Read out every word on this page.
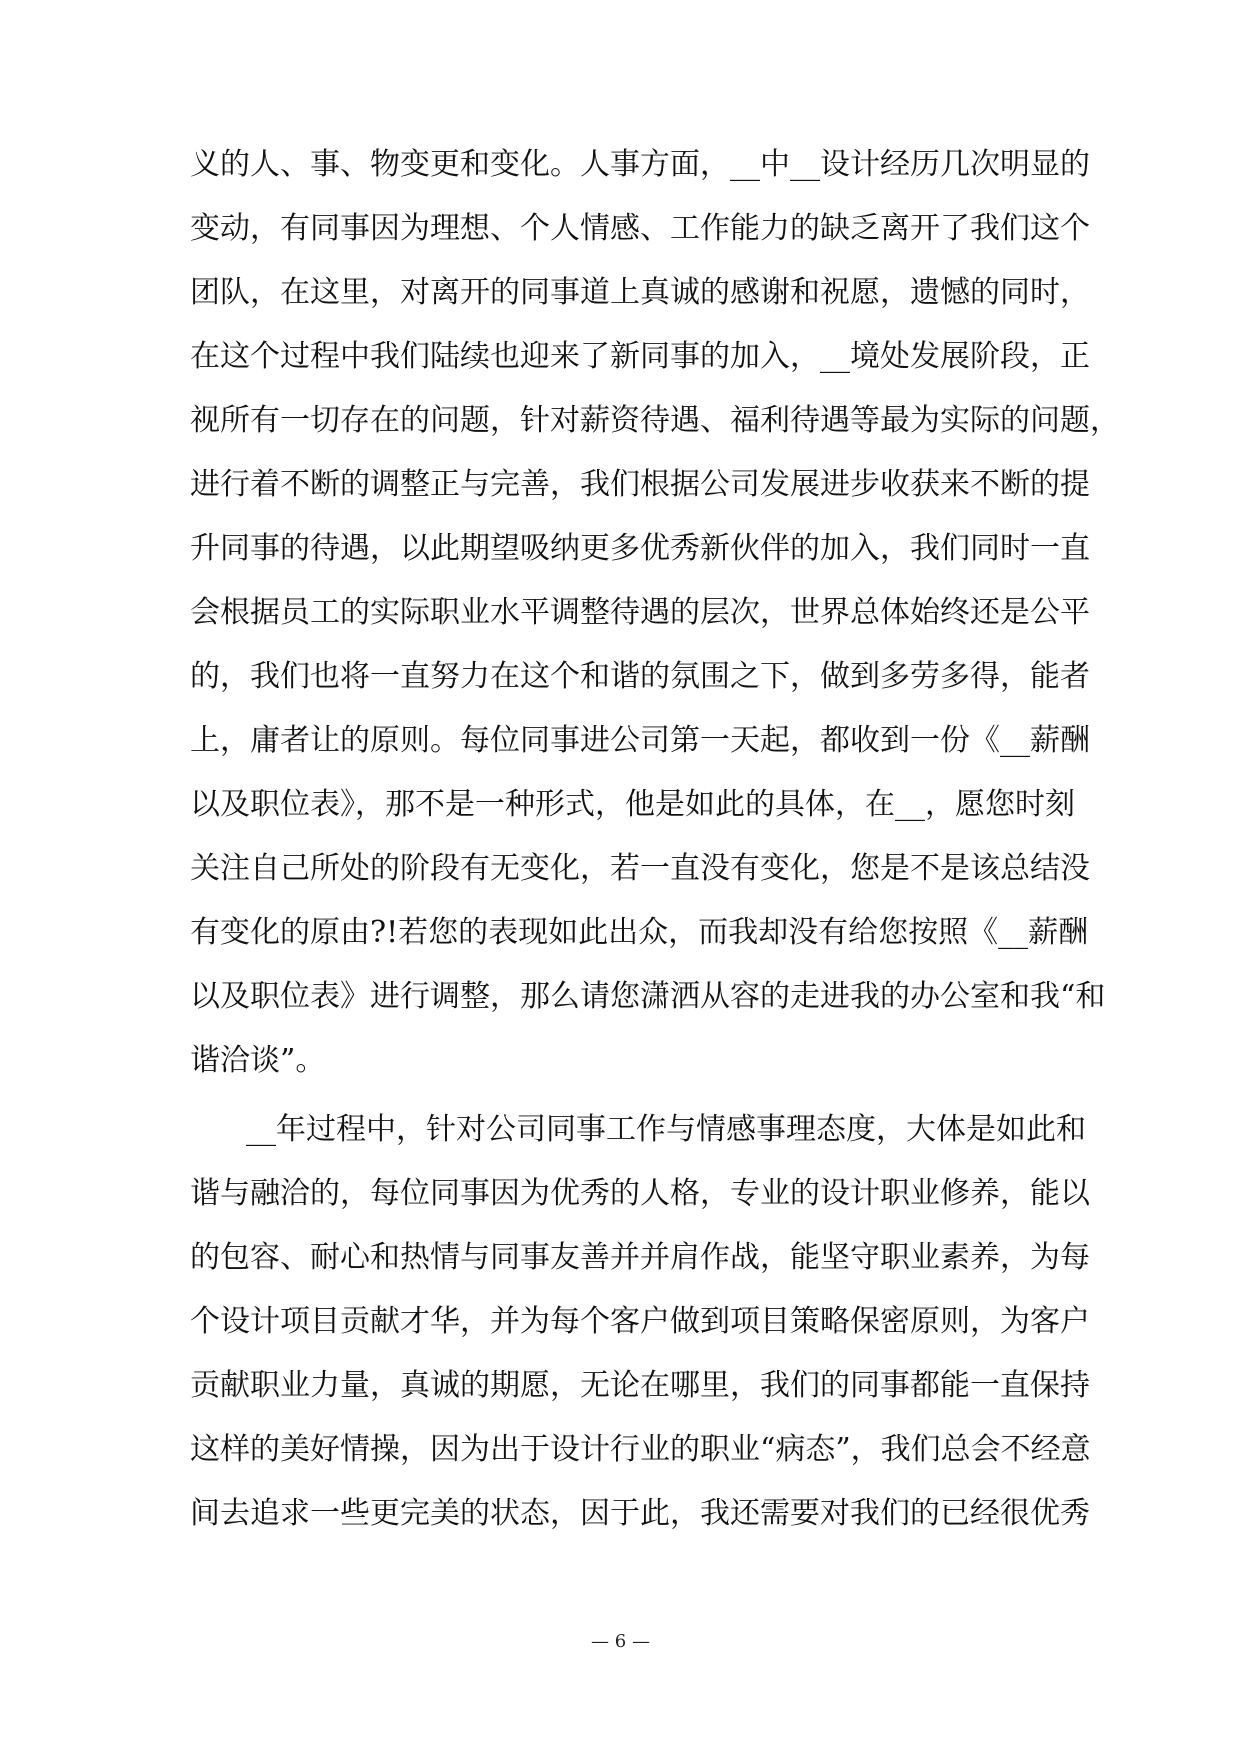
义的人、事、物变更和变化。人事方面，__中__设计经历几次明显的
变动，有同事因为理想、个人情感、工作能力的缺乏离开了我们这个
团队，在这里，对离开的同事道上真诚的感谢和祝愿，遗憾的同时，
在这个过程中我们陆续也迎来了新同事的加入，__境处发展阶段，正
视所有一切存在的问题，针对薪资待遇、福利待遇等最为实际的问题，
进行着不断的调整正与完善，我们根据公司发展进步收获来不断的提
升同事的待遇，以此期望吸纳更多优秀新伙伴的加入，我们同时一直
会根据员工的实际职业水平调整待遇的层次，世界总体始终还是公平
的，我们也将一直努力在这个和谐的氛围之下，做到多劳多得，能者
上，庸者让的原则。每位同事进公司第一天起，都收到一份《__薪酬
以及职位表》，那不是一种形式，他是如此的具体，在__，愿您时刻
关注自己所处的阶段有无变化，若一直没有变化，您是不是该总结没
有变化的原由?!若您的表现如此出众，而我却没有给您按照《__薪酬
以及职位表》进行调整，那么请您潇洒从容的走进我的办公室和我“和
谐洽谈”。
__年过程中，针对公司同事工作与情感事理态度，大体是如此和
谐与融洽的，每位同事因为优秀的人格，专业的设计职业修养，能以
的包容、耐心和热情与同事友善并并肩作战，能坚守职业素养，为每
个设计项目贡献才华，并为每个客户做到项目策略保密原则，为客户
贡献职业力量，真诚的期愿，无论在哪里，我们的同事都能一直保持
这样的美好情操，因为出于设计行业的职业“病态”，我们总会不经意
间去追求一些更完美的状态，因于此，我还需要对我们的已经很优秀
— 6 —
